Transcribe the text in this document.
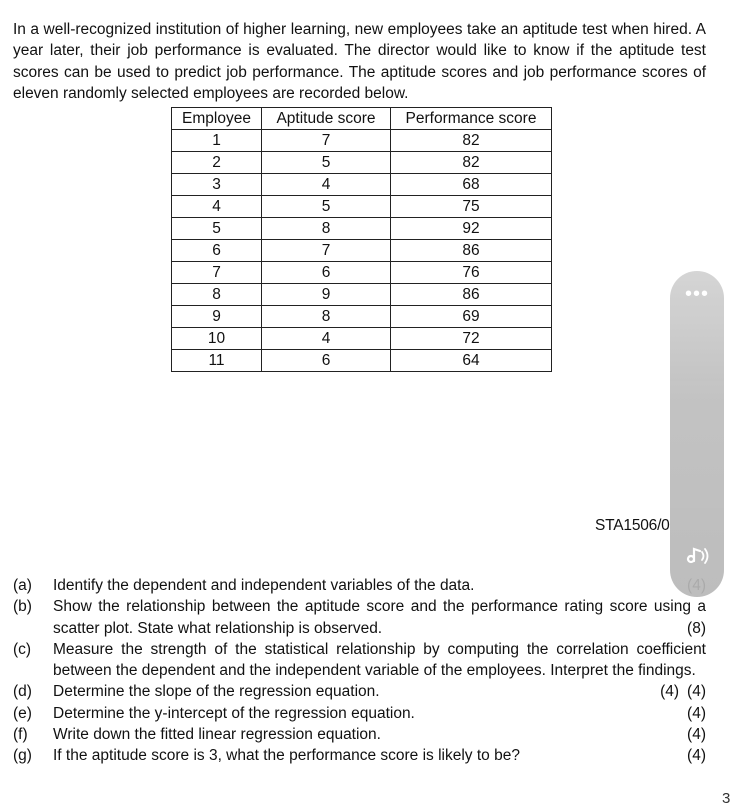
In a well-recognized institution of higher learning, new employees take an aptitude test when hired. A year later, their job performance is evaluated. The director would like to know if the aptitude test scores can be used to predict job performance. The aptitude scores and job performance scores of eleven randomly selected employees are recorded below.

Employee	Aptitude score	Performance score
1	7	82
2	5	82
3	4	68
4	5	75
5	8	92
6	7	86
7	6	76
8	9	86
9	8	69
10	4	72
11	6	64
STA1506/0
(a) Identify the dependent and independent variables of the data.
(b) Show the relationship between the aptitude score and the performance rating score using a scatter plot. State what relationship is observed.	(8)
(c) Measure the strength of the statistical relationship by computing the correlation coefficient between the dependent and the independent variable of the employees. Interpret the findings.
(4)
(d)	(4)
Determine the slope of the regression equation.
(e)	(4)
Determine the y-intercept of the regression equation.
(f)	(4)
Write down the fitted linear regression equation.
(g)	(4)
If the aptitude score is 3, what the performance score is likely to be?
•••
3
